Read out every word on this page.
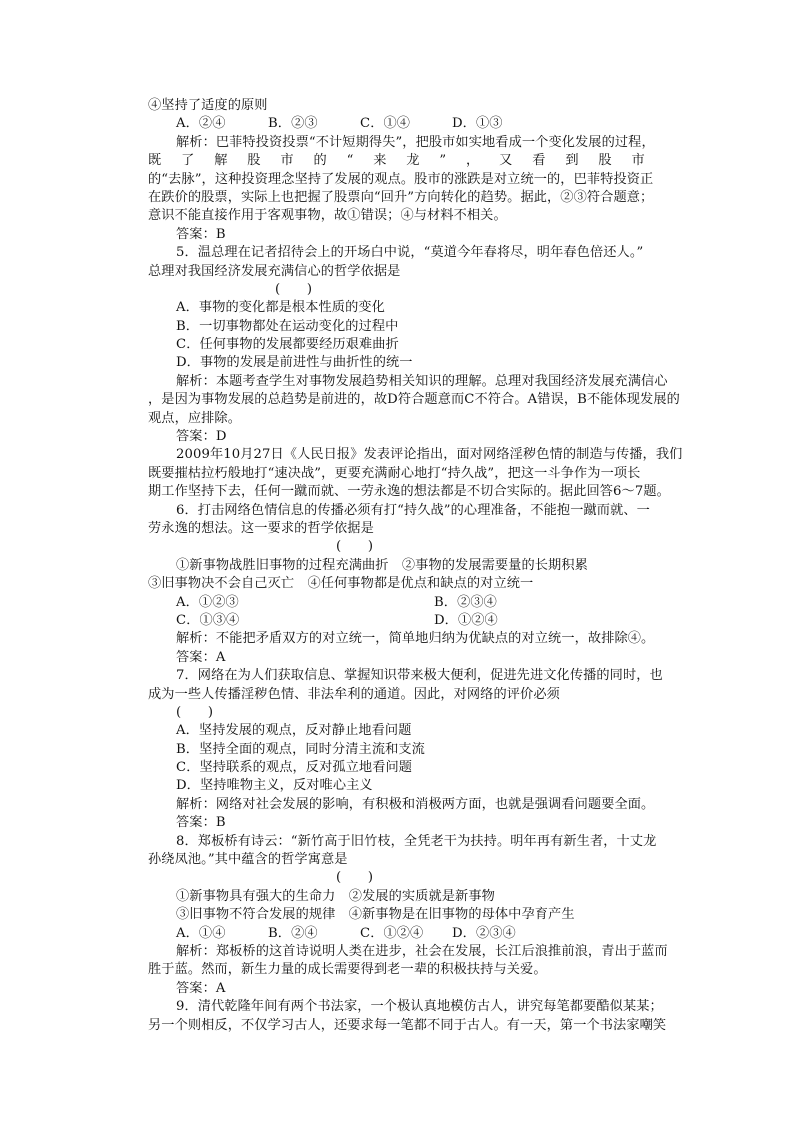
④坚持了适度的原则
A．②④	B．②③	C．①④	D．①③
解析：巴菲特投资投票“不计短期得失”，把股市如实地看成一个变化发展的过程，
既 了 解 股 市 的 “ 来 龙 ” ， 又 看 到 股 市
的“去脉”，这种投资理念坚持了发展的观点。股市的涨跌是对立统一的，巴菲特投资正
在跌价的股票，实际上也把握了股票向“回升”方向转化的趋势。据此，②③符合题意；
意识不能直接作用于客观事物，故①错误；④与材料不相关。
答案：B
5．温总理在记者招待会上的开场白中说，“莫道今年春将尽，明年春色倍还人。”
总理对我国经济发展充满信心的哲学依据是
(　　)
A．事物的变化都是根本性质的变化
B．一切事物都处在运动变化的过程中
C．任何事物的发展都要经历艰难曲折
D．事物的发展是前进性与曲折性的统一
解析：本题考查学生对事物发展趋势相关知识的理解。总理对我国经济发展充满信心
，是因为事物发展的总趋势是前进的，故D符合题意而C不符合。A错误，B不能体现发展的
观点，应排除。
答案：D
2009年10月27日《人民日报》发表评论指出，面对网络淫秽色情的制造与传播，我们
既要摧枯拉朽般地打“速决战”，更要充满耐心地打“持久战”，把这一斗争作为一项长
期工作坚持下去，任何一蹴而就、一劳永逸的想法都是不切合实际的。据此回答6～7题。
6．打击网络色情信息的传播必须有打“持久战”的心理准备，不能抱一蹴而就、一
劳永逸的想法。这一要求的哲学依据是
(　　)
①新事物战胜旧事物的过程充满曲折　②事物的发展需要量的长期积累
③旧事物决不会自己灭亡　④任何事物都是优点和缺点的对立统一
A．①②③	B．②③④
C．①③④	D．①②④
解析：不能把矛盾双方的对立统一，简单地归纳为优缺点的对立统一，故排除④。
答案：A
7．网络在为人们获取信息、掌握知识带来极大便利，促进先进文化传播的同时，也
成为一些人传播淫秽色情、非法牟利的通道。因此，对网络的评价必须
(　　)
A．坚持发展的观点，反对静止地看问题
B．坚持全面的观点，同时分清主流和支流
C．坚持联系的观点，反对孤立地看问题
D．坚持唯物主义，反对唯心主义
解析：网络对社会发展的影响，有积极和消极两方面，也就是强调看问题要全面。
答案：B
8．郑板桥有诗云：“新竹高于旧竹枝，全凭老干为扶持。明年再有新生者，十丈龙
孙绕凤池。”其中蕴含的哲学寓意是
(　　)
①新事物具有强大的生命力　②发展的实质就是新事物
③旧事物不符合发展的规律　④新事物是在旧事物的母体中孕育产生
A．①④	B．②④	C．①②④ D．②③④
解析：郑板桥的这首诗说明人类在进步，社会在发展，长江后浪推前浪，青出于蓝而
胜于蓝。然而，新生力量的成长需要得到老一辈的积极扶持与关爱。
答案：A
9．清代乾隆年间有两个书法家，一个极认真地模仿古人，讲究每笔都要酷似某某；
另一个则相反，不仅学习古人，还要求每一笔都不同于古人。有一天，第一个书法家嘲笑
